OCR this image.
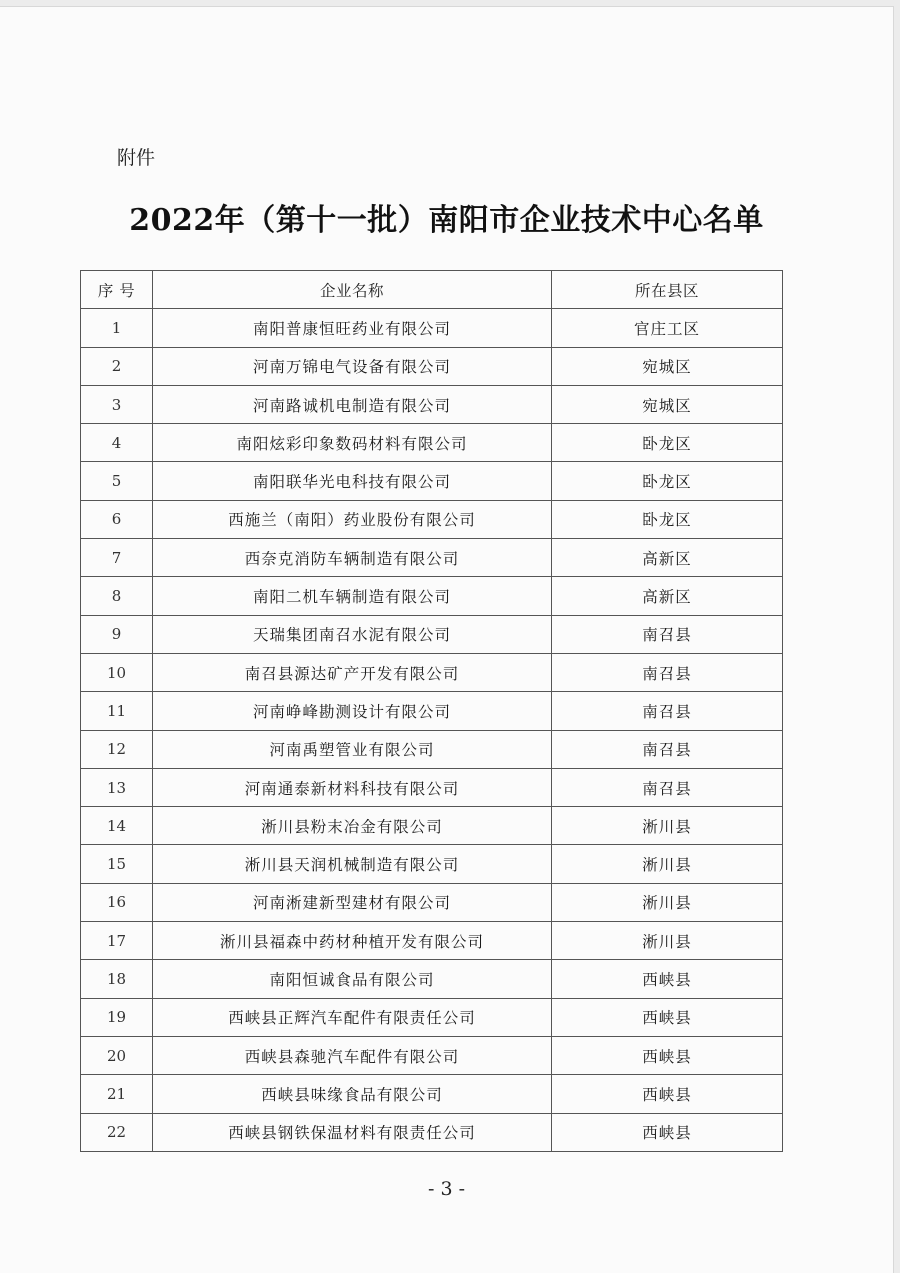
附件
2022年（第十一批）南阳市企业技术中心名单
序 号	企业名称	所在县区
1	南阳普康恒旺药业有限公司	官庄工区
2	河南万锦电气设备有限公司	宛城区
3	河南路诚机电制造有限公司	宛城区
4	南阳炫彩印象数码材料有限公司	卧龙区
5	南阳联华光电科技有限公司	卧龙区
6	西施兰（南阳）药业股份有限公司	卧龙区
7	西奈克消防车辆制造有限公司	高新区
8	南阳二机车辆制造有限公司	高新区
9	天瑞集团南召水泥有限公司	南召县
10	南召县源达矿产开发有限公司	南召县
11	河南峥峰勘测设计有限公司	南召县
12	河南禹塑管业有限公司	南召县
13	河南通泰新材料科技有限公司	南召县
14	淅川县粉末冶金有限公司	淅川县
15	淅川县天润机械制造有限公司	淅川县
16	河南淅建新型建材有限公司	淅川县
17	淅川县福森中药材种植开发有限公司	淅川县
18	南阳恒诚食品有限公司	西峡县
19	西峡县正辉汽车配件有限责任公司	西峡县
20	西峡县森驰汽车配件有限公司	西峡县
21	西峡县味缘食品有限公司	西峡县
22	西峡县钢铁保温材料有限责任公司	西峡县
- 3 -
